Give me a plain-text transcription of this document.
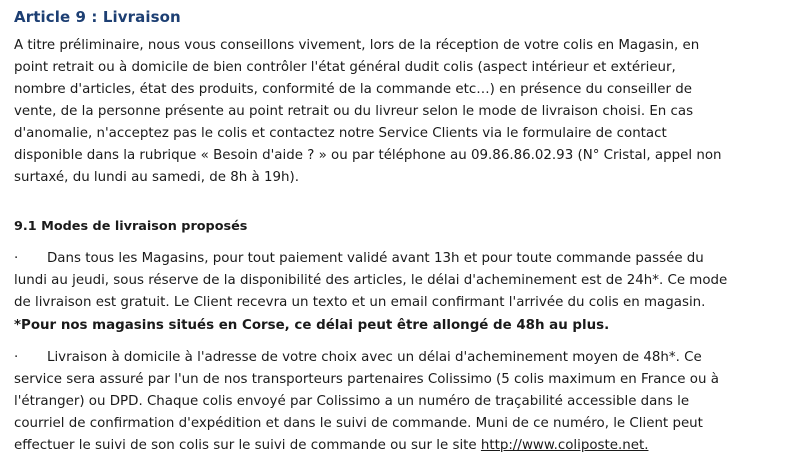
Article 9 : Livraison

A titre préliminaire, nous vous conseillons vivement, lors de la réception de votre colis en Magasin, en
point retrait ou à domicile de bien contrôler l'état général dudit colis (aspect intérieur et extérieur,
nombre d'articles, état des produits, conformité de la commande etc…) en présence du conseiller de
vente, de la personne présente au point retrait ou du livreur selon le mode de livraison choisi. En cas
d'anomalie, n'acceptez pas le colis et contactez notre Service Clients via le formulaire de contact
disponible dans la rubrique « Besoin d'aide ? » ou par téléphone au 09.86.86.02.93 (N° Cristal, appel non
surtaxé, du lundi au samedi, de 8h à 19h).

9.1 Modes de livraison proposés

· Dans tous les Magasins, pour tout paiement validé avant 13h et pour toute commande passée du
lundi au jeudi, sous réserve de la disponibilité des articles, le délai d'acheminement est de 24h*. Ce mode
de livraison est gratuit. Le Client recevra un texto et un email confirmant l'arrivée du colis en magasin.

*Pour nos magasins situés en Corse, ce délai peut être allongé de 48h au plus.

· Livraison à domicile à l'adresse de votre choix avec un délai d'acheminement moyen de 48h*. Ce
service sera assuré par l'un de nos transporteurs partenaires Colissimo (5 colis maximum en France ou à
l'étranger) ou DPD. Chaque colis envoyé par Colissimo a un numéro de traçabilité accessible dans le
courriel de confirmation d'expédition et dans le suivi de commande. Muni de ce numéro, le Client peut
effectuer le suivi de son colis sur le suivi de commande ou sur le site http://www.coliposte.net.
